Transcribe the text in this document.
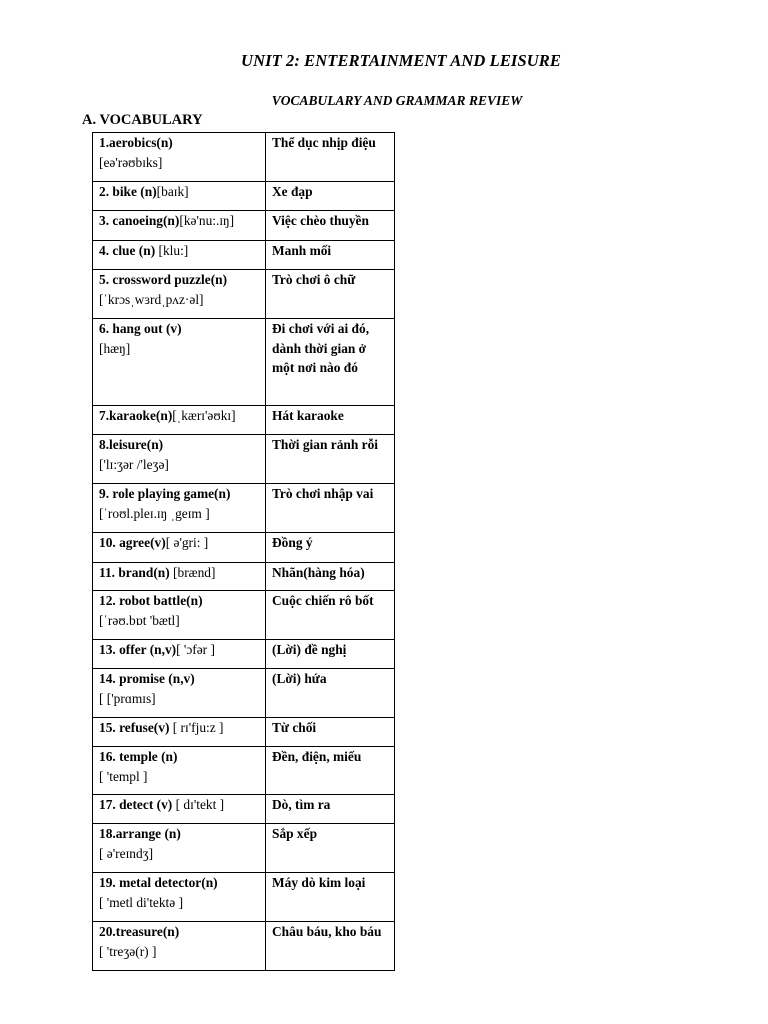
UNIT 2: ENTERTAINMENT AND LEISURE
VOCABULARY AND GRAMMAR REVIEW
A. VOCABULARY
1.aerobics(n)
[eə'rəʊbɪks]	Thể dục nhịp điệu
2. bike (n)[baɪk]	Xe đạp
3. canoeing(n)[kə'nu:.ɪŋ]	Việc chèo thuyền
4. clue (n) [klu:]	Manh mối
5. crossword puzzle(n)
[ˈkrɔsˌwɜrdˌpʌz·əl]	Trò chơi ô chữ
6. hang out (v)
[hæŋ]	Đi chơi với ai đó, dành thời gian ở một nơi nào đó
7.karaoke(n)[ˌkærɪ'əʊkɪ]	Hát karaoke
8.leisure(n)
['lɪ:ʒər /'leʒə]	Thời gian rảnh rỗi
9. role playing game(n)
[ˈroʊl.pleɪ.ɪŋ ˌgeɪm ]	Trò chơi nhập vai
10. agree(v)[ ə'gri: ]	Đồng ý
11. brand(n) [brænd]	Nhãn(hàng hóa)
12. robot battle(n)
[ˈrəʊ.bɒt 'bætl]	Cuộc chiến rô bốt
13. offer (n,v)[ 'ɔfər ]	(Lời) đề nghị
14. promise (n,v)
[ ['prɑmɪs]	(Lời) hứa
15. refuse(v) [ rɪ'fju:z ]	Từ chối
16. temple (n)
[ 'templ ]	Đền, điện, miếu
17. detect (v) [ dɪ'tekt ]	Dò, tìm ra
18.arrange (n)
[ ə'reɪndʒ]	Sắp xếp
19. metal detector(n)
[ 'metl di'tektə ]	Máy dò kim loại
20.treasure(n)
[ 'treʒə(r) ]	Châu báu, kho báu
